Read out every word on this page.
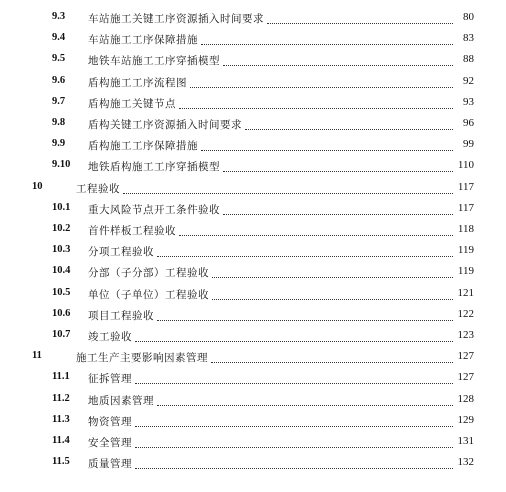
9.3 车站施工关键工序资源插入时间要求	80
9.4 车站施工工序保障措施	83
9.5 地铁车站施工工序穿插模型	88
9.6 盾构施工工序流程图	92
9.7 盾构施工关键节点	93
9.8 盾构关键工序资源插入时间要求	96
9.9 盾构施工工序保障措施	99
9.10 地铁盾构施工工序穿插模型	110
10	工程验收	117
10.1 重大风险节点开工条件验收	117
10.2 首件样板工程验收	118
10.3 分项工程验收	119
10.4 分部（子分部）工程验收	119
10.5 单位（子单位）工程验收	121
10.6 项目工程验收	122
10.7 竣工验收	123
11	施工生产主要影响因素管理	127
11.1 征拆管理	127
11.2 地质因素管理	128
11.3 物资管理	129
11.4 安全管理	131
11.5 质量管理	132
